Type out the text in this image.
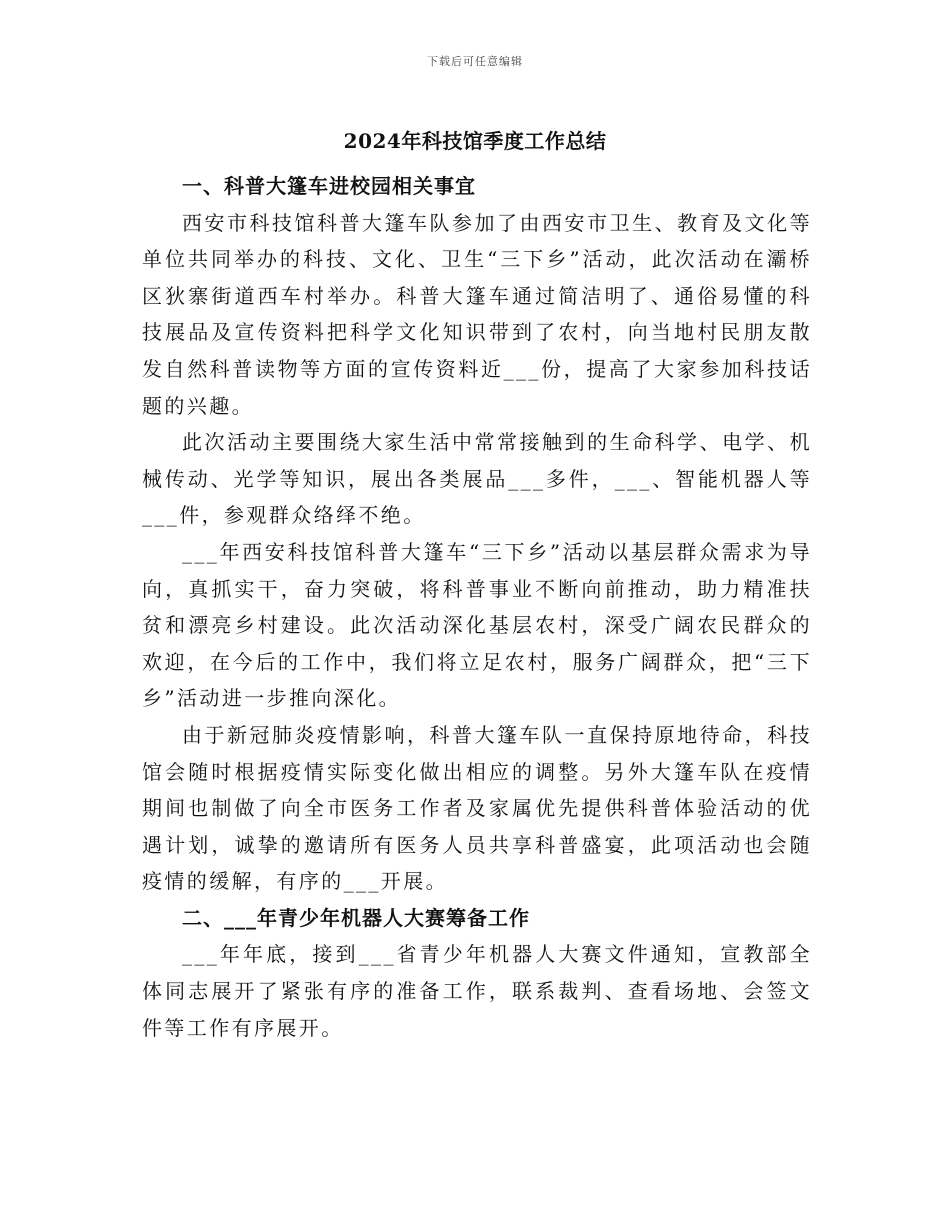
下载后可任意编辑
2024年科技馆季度工作总结
一、科普大篷车进校园相关事宜

西安市科技馆科普大篷车队参加了由西安市卫生、教育及文化等单位共同举办的科技、文化、卫生“三下乡”活动，此次活动在灞桥区狄寨街道西车村举办。科普大篷车通过简洁明了、通俗易懂的科技展品及宣传资料把科学文化知识带到了农村，向当地村民朋友散发自然科普读物等方面的宣传资料近___份，提高了大家参加科技话题的兴趣。

此次活动主要围绕大家生活中常常接触到的生命科学、电学、机械传动、光学等知识，展出各类展品___多件，___、智能机器人等___件，参观群众络绎不绝。

___年西安科技馆科普大篷车“三下乡”活动以基层群众需求为导向，真抓实干，奋力突破，将科普事业不断向前推动，助力精准扶贫和漂亮乡村建设。此次活动深化基层农村，深受广阔农民群众的欢迎，在今后的工作中，我们将立足农村，服务广阔群众，把“三下乡”活动进一步推向深化。

由于新冠肺炎疫情影响，科普大篷车队一直保持原地待命，科技馆会随时根据疫情实际变化做出相应的调整。另外大篷车队在疫情期间也制做了向全市医务工作者及家属优先提供科普体验活动的优遇计划，诚挚的邀请所有医务人员共享科普盛宴，此项活动也会随疫情的缓解，有序的___开展。

二、___年青少年机器人大赛筹备工作

___年年底，接到___省青少年机器人大赛文件通知，宣教部全体同志展开了紧张有序的准备工作，联系裁判、查看场地、会签文件等工作有序展开。
